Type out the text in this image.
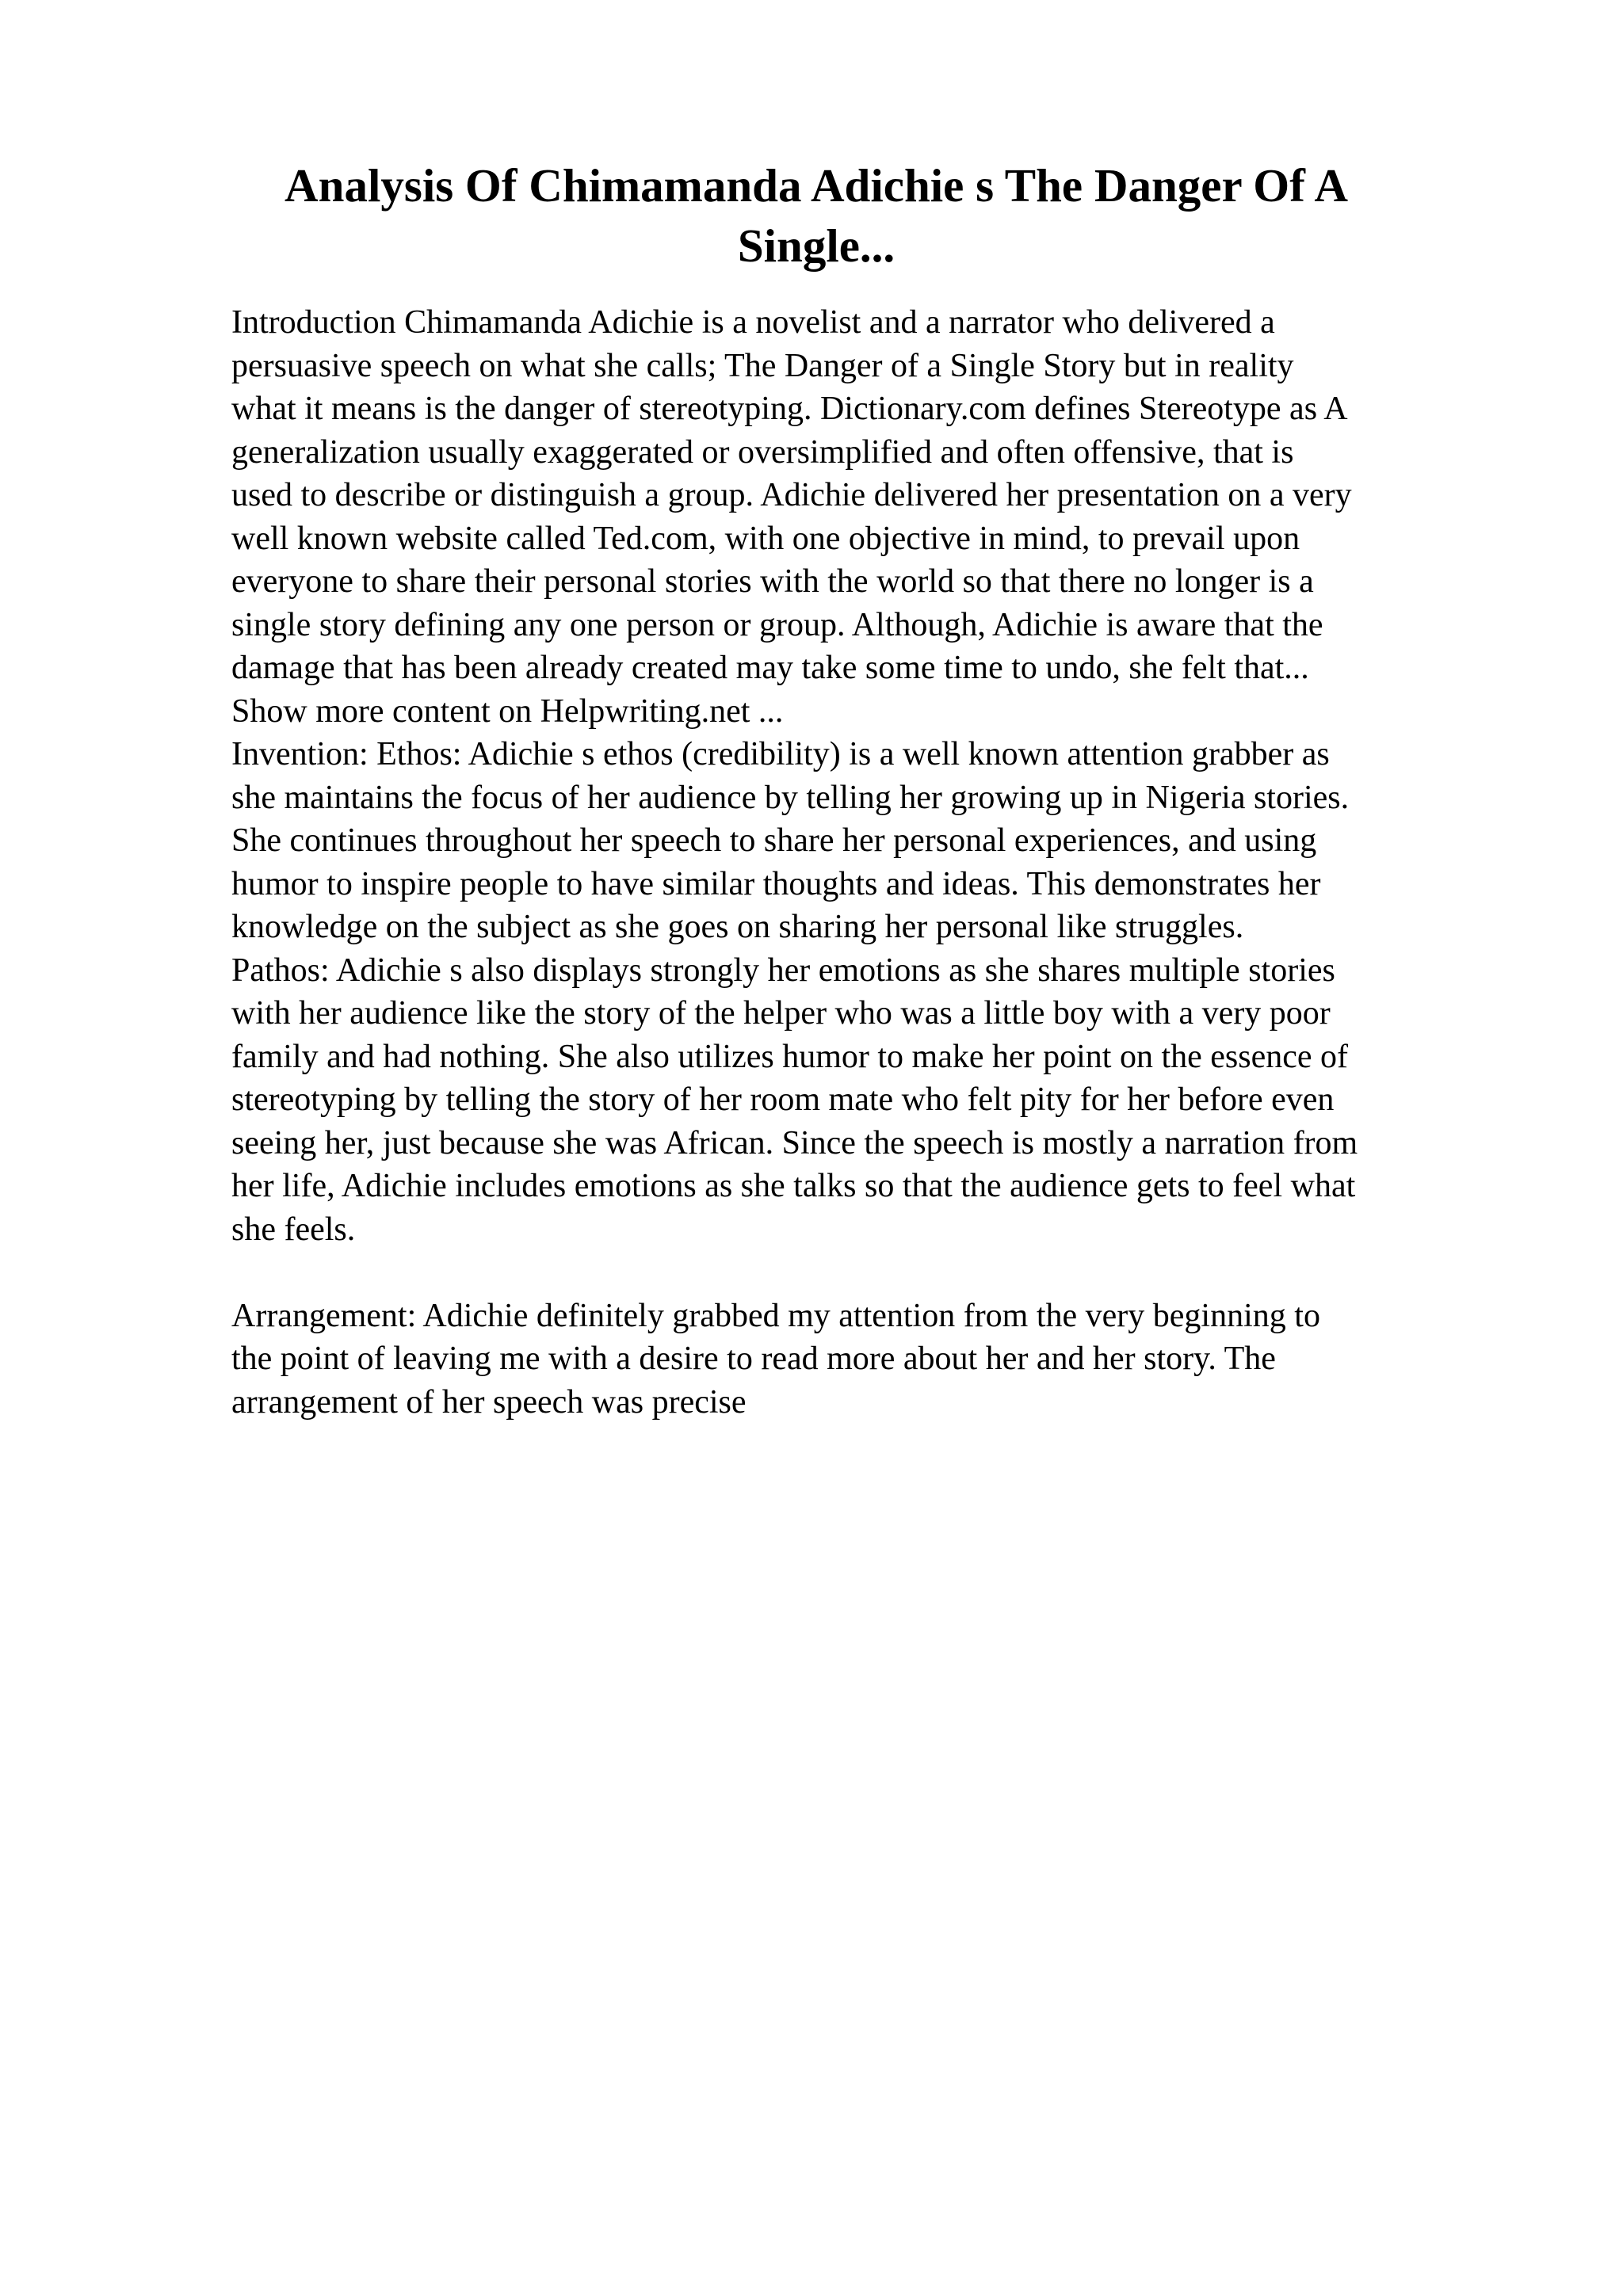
Analysis Of Chimamanda Adichie s The Danger Of A
Single...
Introduction Chimamanda Adichie is a novelist and a narrator who delivered a
persuasive speech on what she calls; The Danger of a Single Story but in reality
what it means is the danger of stereotyping. Dictionary.com defines Stereotype as A
generalization usually exaggerated or oversimplified and often offensive, that is
used to describe or distinguish a group. Adichie delivered her presentation on a very
well known website called Ted.com, with one objective in mind, to prevail upon
everyone to share their personal stories with the world so that there no longer is a
single story defining any one person or group. Although, Adichie is aware that the
damage that has been already created may take some time to undo, she felt that...
Show more content on Helpwriting.net ...
Invention: Ethos: Adichie s ethos (credibility) is a well known attention grabber as
she maintains the focus of her audience by telling her growing up in Nigeria stories.
She continues throughout her speech to share her personal experiences, and using
humor to inspire people to have similar thoughts and ideas. This demonstrates her
knowledge on the subject as she goes on sharing her personal like struggles.
Pathos: Adichie s also displays strongly her emotions as she shares multiple stories
with her audience like the story of the helper who was a little boy with a very poor
family and had nothing. She also utilizes humor to make her point on the essence of
stereotyping by telling the story of her room mate who felt pity for her before even
seeing her, just because she was African. Since the speech is mostly a narration from
her life, Adichie includes emotions as she talks so that the audience gets to feel what
she feels.
Arrangement: Adichie definitely grabbed my attention from the very beginning to
the point of leaving me with a desire to read more about her and her story. The
arrangement of her speech was precise
